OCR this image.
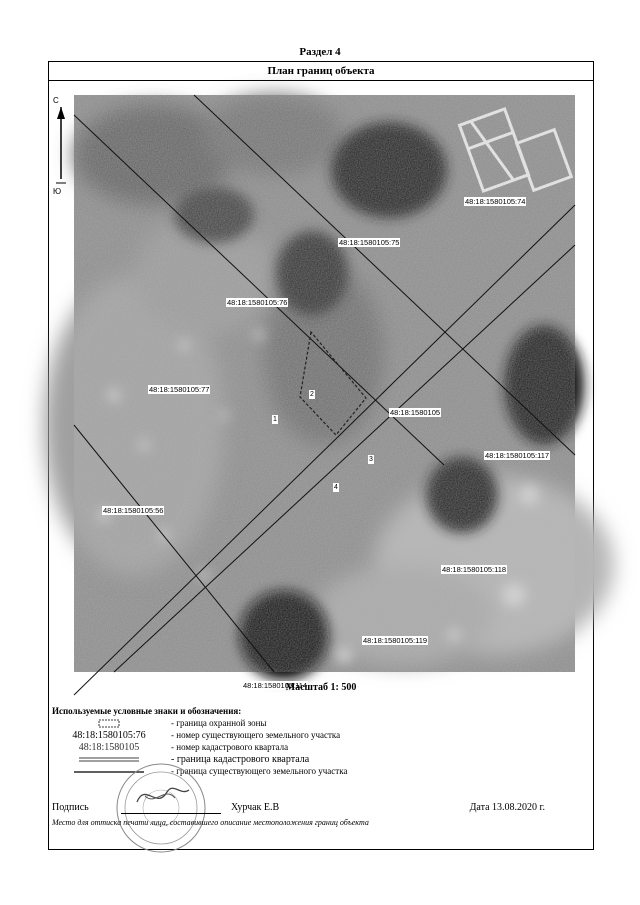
Раздел 4
План границ объекта
С
Ю
48:18:1580105:74
48:18:1580105:75
48:18:1580105:76
48:18:1580105:77
48:18:1580105
48:18:1580105:117
48:18:1580105:56
48:18:1580105:118
48:18:1580105:119
48:18:1580105:114
2
1
3
4
Масштаб 1: 500
Используемые условные знаки и обозначения:
- граница охранной зоны
48:18:1580105:76	- номер существующего земельного участка
48:18:1580105	- номер кадастрового квартала
- граница кадастрового квартала
- граница существующего земельного участка
Подпись	Хурчак Е.В	Дата 13.08.2020 г.
Место для оттиска печати лица, составившего описание местоположения границ объекта
